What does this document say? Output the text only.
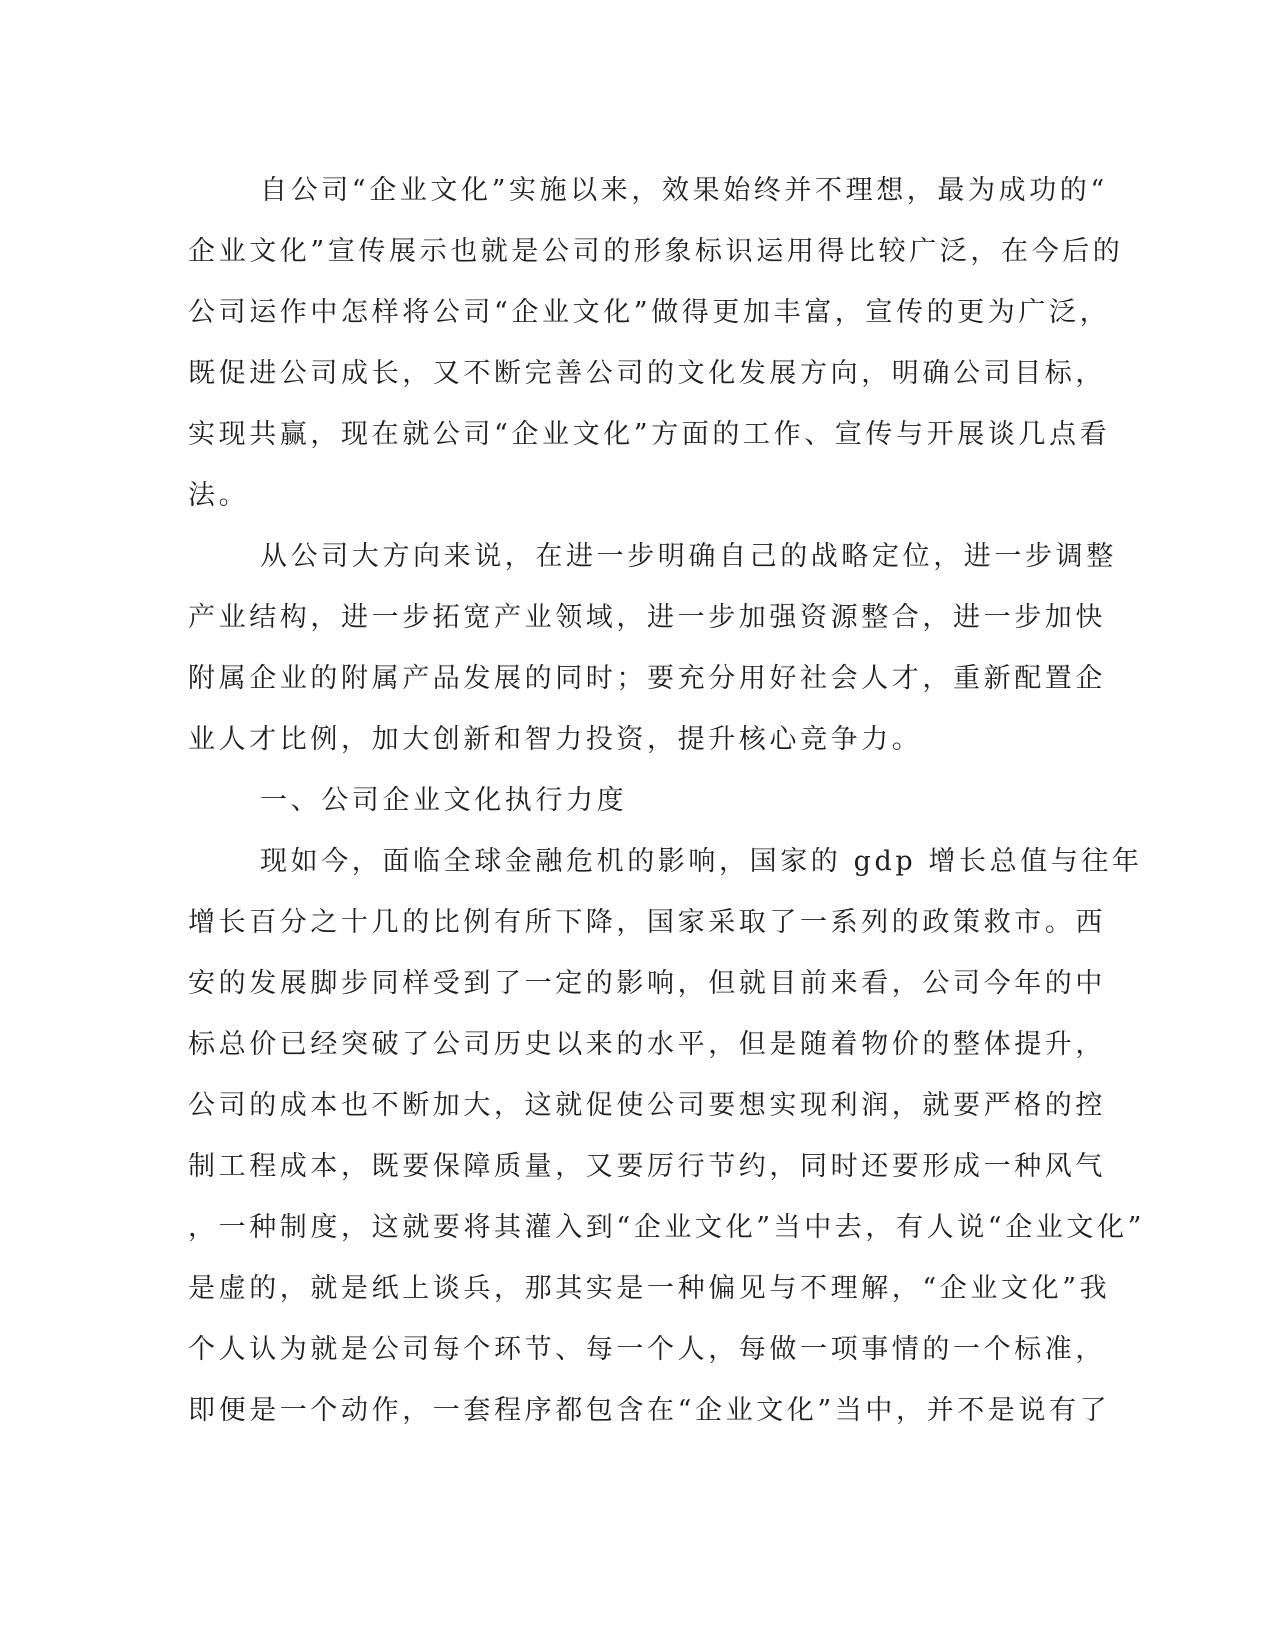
自公司“企业文化”实施以来，效果始终并不理想，最为成功的“
企业文化”宣传展示也就是公司的形象标识运用得比较广泛，在今后的
公司运作中怎样将公司“企业文化”做得更加丰富，宣传的更为广泛，
既促进公司成长，又不断完善公司的文化发展方向，明确公司目标，
实现共赢，现在就公司“企业文化”方面的工作、宣传与开展谈几点看
法。
从公司大方向来说，在进一步明确自己的战略定位，进一步调整
产业结构，进一步拓宽产业领域，进一步加强资源整合，进一步加快
附属企业的附属产品发展的同时；要充分用好社会人才，重新配置企
业人才比例，加大创新和智力投资，提升核心竞争力。
一、公司企业文化执行力度
现如今，面临全球金融危机的影响，国家的 gdp 增长总值与往年
增长百分之十几的比例有所下降，国家采取了一系列的政策救市。西
安的发展脚步同样受到了一定的影响，但就目前来看，公司今年的中
标总价已经突破了公司历史以来的水平，但是随着物价的整体提升，
公司的成本也不断加大，这就促使公司要想实现利润，就要严格的控
制工程成本，既要保障质量，又要厉行节约，同时还要形成一种风气
，一种制度，这就要将其灌入到“企业文化”当中去，有人说“企业文化”
是虚的，就是纸上谈兵，那其实是一种偏见与不理解，“企业文化”我
个人认为就是公司每个环节、每一个人，每做一项事情的一个标准，
即便是一个动作，一套程序都包含在“企业文化”当中，并不是说有了
